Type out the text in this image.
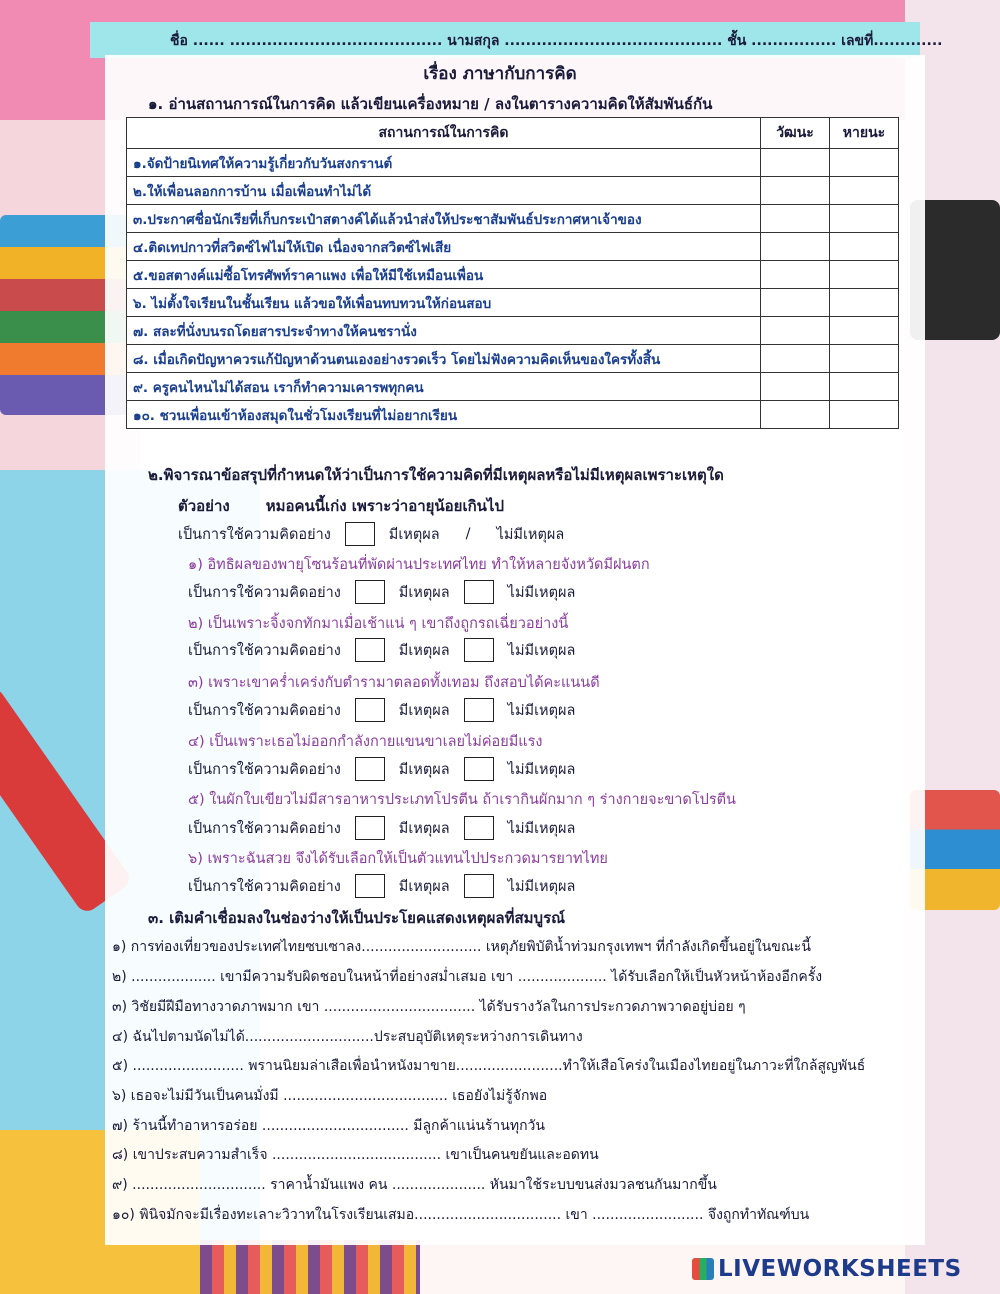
ชื่อ ...... ........................................ นามสกุล ......................................... ชั้น ................ เลขที่.............
เรื่อง ภาษากับการคิด
๑. อ่านสถานการณ์ในการคิด แล้วเขียนเครื่องหมาย / ลงในตารางความคิดให้สัมพันธ์กัน
สถานการณ์ในการคิด	วัฒนะ	หายนะ
๑.จัดป้ายนิเทศให้ความรู้เกี่ยวกับวันสงกรานต์		
๒.ให้เพื่อนลอกการบ้าน เมื่อเพื่อนทำไม่ได้		
๓.ประกาศชื่อนักเรียที่เก็บกระเป๋าสตางค์ได้แล้วนำส่งให้ประชาสัมพันธ์ประกาศหาเจ้าของ		
๔.ติดเทปกาวที่สวิตซ์ไฟไม่ให้เปิด เนื่องจากสวิตซ์ไฟเสีย		
๕.ขอสตางค์แม่ซื้อโทรศัพท์ราคาแพง เพื่อให้มีใช้เหมือนเพื่อน		
๖. ไม่ตั้งใจเรียนในชั้นเรียน แล้วขอให้เพื่อนทบทวนให้ก่อนสอบ		
๗. สละที่นั่งบนรถโดยสารประจำทางให้คนชรานั่ง		
๘. เมื่อเกิดปัญหาควรแก้ปัญหาด้วนตนเองอย่างรวดเร็ว โดยไม่ฟังความคิดเห็นของใครทั้งสิ้น		
๙. ครูคนไหนไม่ได้สอน เราก็ทำความเคารพทุกคน		
๑๐. ชวนเพื่อนเข้าห้องสมุดในชั่วโมงเรียนที่ไม่อยากเรียน		
๒.พิจารณาข้อสรุปที่กำหนดให้ว่าเป็นการใช้ความคิดที่มีเหตุผลหรือไม่มีเหตุผลเพราะเหตุใด
ตัวอย่าง หมอคนนี้เก่ง เพราะว่าอายุน้อยเกินไป
เป็นการใช้ความคิดอย่าง	มีเหตุผล / ไม่มีเหตุผล
๑) อิทธิผลของพายุโซนร้อนที่พัดผ่านประเทศไทย ทำให้หลายจังหวัดมีฝนตก
เป็นการใช้ความคิดอย่าง	มีเหตุผล	ไม่มีเหตุผล
๒) เป็นเพราะจิ้งจกทักมาเมื่อเช้าแน่ ๆ เขาถึงถูกรถเฉี่ยวอย่างนี้
เป็นการใช้ความคิดอย่าง	มีเหตุผล	ไม่มีเหตุผล
๓) เพราะเขาคร่ำเคร่งกับตำรามาตลอดทั้งเทอม ถึงสอบได้คะแนนดี
เป็นการใช้ความคิดอย่าง	มีเหตุผล	ไม่มีเหตุผล
๔) เป็นเพราะเธอไม่ออกกำลังกายแขนขาเลยไม่ค่อยมีแรง
เป็นการใช้ความคิดอย่าง	มีเหตุผล	ไม่มีเหตุผล
๕) ในผักใบเขียวไม่มีสารอาหารประเภทโปรตีน ถ้าเรากินผักมาก ๆ ร่างกายจะขาดโปรตีน
เป็นการใช้ความคิดอย่าง	มีเหตุผล	ไม่มีเหตุผล
๖) เพราะฉันสวย จึงได้รับเลือกให้เป็นตัวแทนไปประกวดมารยาทไทย
เป็นการใช้ความคิดอย่าง	มีเหตุผล	ไม่มีเหตุผล
๓. เติมคำเชื่อมลงในช่องว่างให้เป็นประโยคแสดงเหตุผลที่สมบูรณ์
๑) การท่องเที่ยวของประเทศไทยซบเซาลง........................... เหตุภัยพิบัติน้ำท่วมกรุงเทพฯ ที่กำลังเกิดขึ้นอยู่ในขณะนี้
๒) ................... เขามีความรับผิดชอบในหน้าที่อย่างสม่ำเสมอ เขา .................... ได้รับเลือกให้เป็นหัวหน้าห้องอีกครั้ง
๓) วิชัยมีฝีมือทางวาดภาพมาก เขา .................................. ได้รับรางวัลในการประกวดภาพวาดอยู่บ่อย ๆ
๔) ฉันไปตามนัดไม่ได้.............................ประสบอุบัติเหตุระหว่างการเดินทาง
๕) ......................... พรานนิยมล่าเสือเพื่อนำหนังมาขาย........................ทำให้เสือโคร่งในเมืองไทยอยู่ในภาวะที่ใกล้สูญพันธ์
๖) เธอจะไม่มีวันเป็นคนมั่งมี ..................................... เธอยังไม่รู้จักพอ
๗) ร้านนี้ทำอาหารอร่อย ................................. มีลูกค้าแน่นร้านทุกวัน
๘) เขาประสบความสำเร็จ ...................................... เขาเป็นคนขยันและอดทน
๙) .............................. ราคาน้ำมันแพง คน ..................... หันมาใช้ระบบขนส่งมวลชนกันมากขึ้น
๑๐) พินิจมักจะมีเรื่องทะเลาะวิวาทในโรงเรียนเสมอ................................. เขา ......................... จึงถูกทำทัณฑ์บน
LIVEWORKSHEETS
